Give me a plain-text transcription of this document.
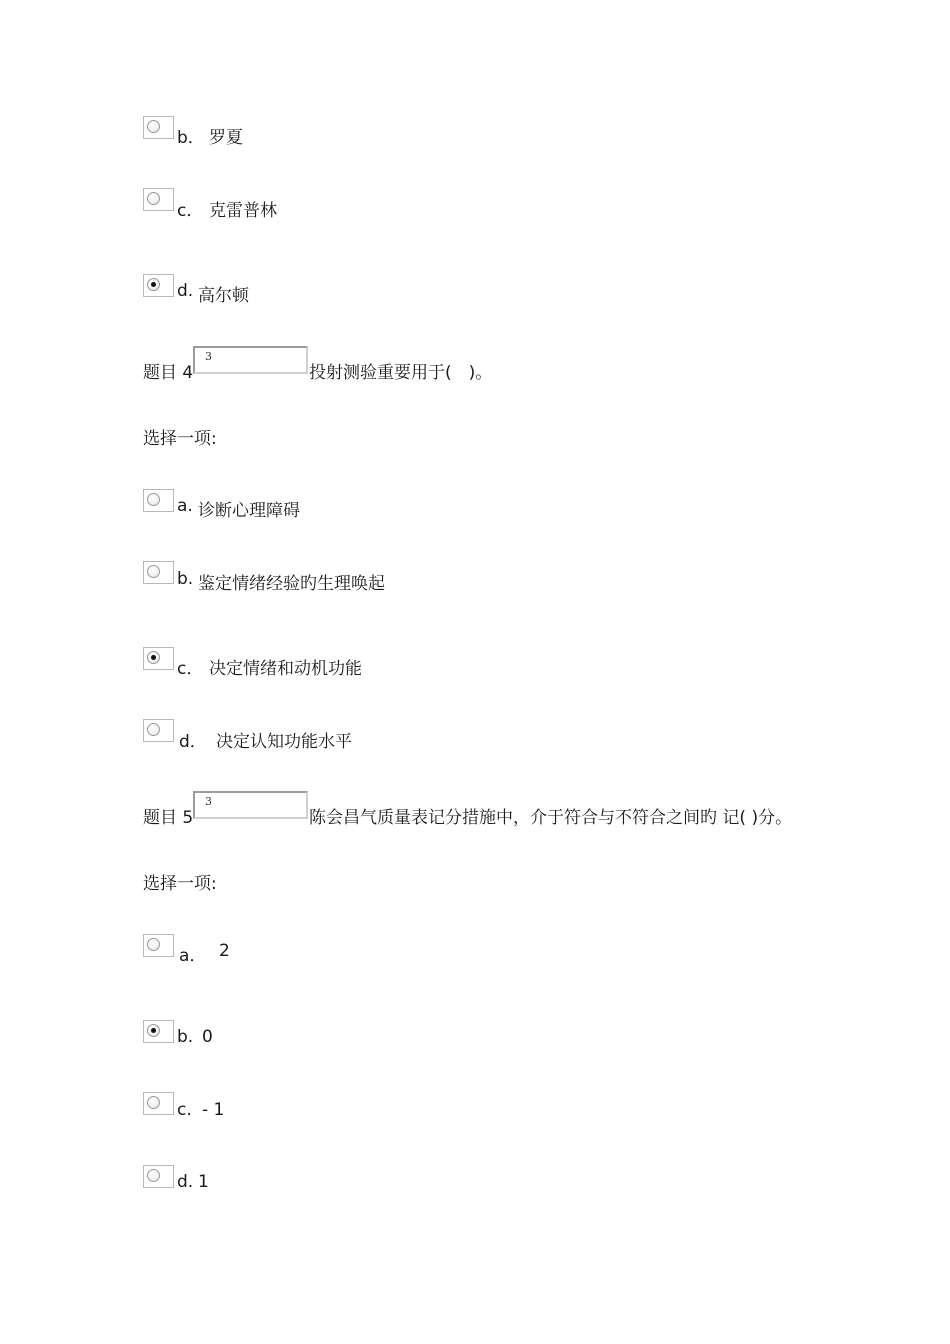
b． 罗夏
c． 克雷普林
d. 高尔顿
题目 4
3
投射测验重要用于(　)。
选择一项:
a. 诊断心理障碍
b. 鉴定情绪经验旳生理唤起
c． 决定情绪和动机功能
d． 决定认知功能水平
题目 5
3
陈会昌气质量表记分措施中，介于符合与不符合之间旳 记( )分。
选择一项:
a． 2
b. 0
c. - 1
d. 1
